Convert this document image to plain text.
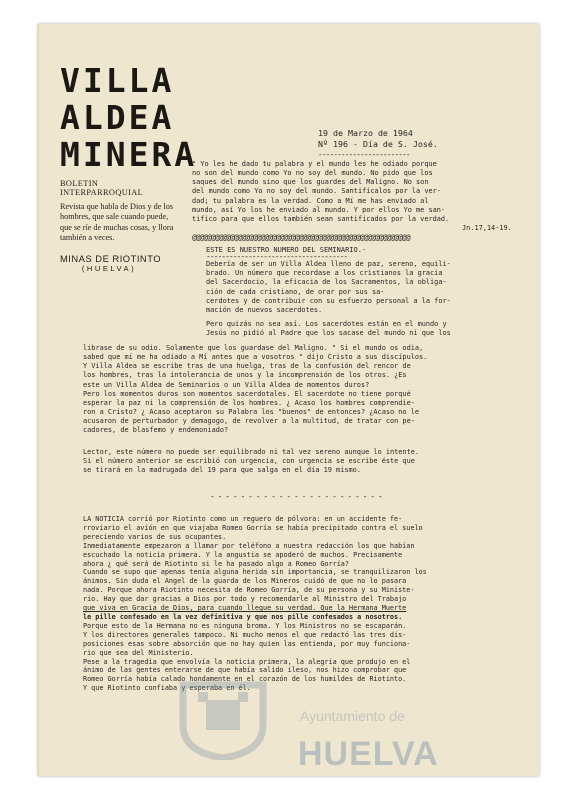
VILLA
ALDEA
MINERA
BOLETIN INTERPARROQUIAL
Revista que habla de Dios y de los hombres, que sale cuando puede, que se ríe de muchas cosas, y llora también a veces.
MINAS DE RIOTINTO
(HUELVA)
19 de Marzo de 1964
Nº 196 - Día de S. José.
------------------------
" Yo les he dado tu palabra y el mundo les he odiado porque
no son del mundo como Yo no soy del mundo. No pido que los
saques del mundo sino que los guardes del Maligno. No son
del mundo como Yo no soy del mundo. Santifícalos por la ver-
dad; tu palabra es la verdad. Como a Mí me has enviado al
mundo, así Yo los he enviado al mundo. Y por ellos Yo me san-
tifico para que ellos también sean santificados por la verdad.
Jn.17,14-19.
@@@@@@@@@@@@@@@@@@@@@@@@@@@@@@@@@@@@@@@@@@@@@@@@@@@@@@@@@
ESTE ES NUESTRO NUMERO DEL SEMINARIO.-
-------------------------------------
Debería de ser un Villa Aldea lleno de paz, sereno, equili-
brado. Un número que recordase a los cristianos la gracia
del Sacerdocio, la eficacia de los Sacramentos, la obliga-
ción de cada cristiano, de orar por sus sa-
cerdotes y de contribuir con su esfuerzo personal a la for-
mación de nuevos sacerdotes.
Pero quizás no sea así. Los sacerdotes están en el mundo y
Jesús no pidió al Padre que los sacase del mundo ni que los
librase de su odio. Solamente que los guardase del Maligno. " Si el mundo os odia,
sabed que mí me ha odiado a Mí antes que a vosotros " dijo Cristo a sus discípulos.
Y Villa Aldea se escribe tras de una huelga, tras de la confusión del rencor de
los hombres, tras la intolerancia de unos y la incomprensión de los otros. ¿Es
este un Villa Aldea de Seminarios o un Villa Aldea de momentos duros?
Pero los momentos duros son momentos sacerdotales. El sacerdote no tiene porqué
esperar la paz ni la comprensión de los hombres. ¿ Acaso los hombres comprendie-
ron a Cristo? ¿ Acaso aceptaron su Palabra los "buenos" de entonces? ¿Acaso no le
acusaron de perturbador y demagogo, de revolver a la multitud, de tratar con pe-
cadores, de blasfemo y endemoniado?
Lector, este número no puede ser equilibrado ni tal vez sereno aunque lo intente.
Si el número anterior se escribió con urgencia, con urgencia se escribe éste que
se tirará en la madrugada del 19 para que salga en el día 19 mismo.
- - - - - - - - - - - - - - - - - - - - - - -
LA NOTICIA corrió por Riotinto como un reguero de pólvora: en un accidente fe-
rroviario el avión en que viajaba Romeo Gorría se había precipitado contra el suelo
pereciendo varios de sus ocupantes.
Inmediatamente empezaron a llamar por teléfono a nuestra redacción los que habían
escuchado la noticia primera. Y la angustia se apoderó de muchos. Precisamente
ahora ¿ qué será de Riotinto si le ha pasado algo a Romeo Gorría?
Cuando se supo que apenas tenía alguna herida sin importancia, se tranquilizaron los
ánimos. Sin duda el Angel de la guarda de los Mineros cuidó de que no lo pasara
nada. Porque ahora Riotinto necesita de Romeo Gorría, de su persona y su Ministe-
rio. Hay que dar gracias a Dios por todo y recomendarle al Ministro del Trabajo
que viva en Gracia de Dios, para cuando llegue su verdad. Que la Hermana Muerte
le pille confesado en la vez definitiva y que nos pille confesados a nosotros.
Porque esto de la Hermana no es ninguna broma. Y los Ministros no se escaparán.
Y los directores generales tampoco. Ni mucho menos el que redactó las tres dis-
posiciones esas sobre absorción que no hay quien las entienda, por muy funciona-
rio que sea del Ministerio.
Pese a la tragedia que envolvía la noticia primera, la alegría que produjo en el
ánimo de las gentes enterarse de que había salido ileso, nos hizo comprobar que
Romeo Gorría había calado hondamente en el corazón de los humildes de Riotinto.
Y que Riotinto confiaba y esperaba en él.
Ayuntamiento de
HUELVA
